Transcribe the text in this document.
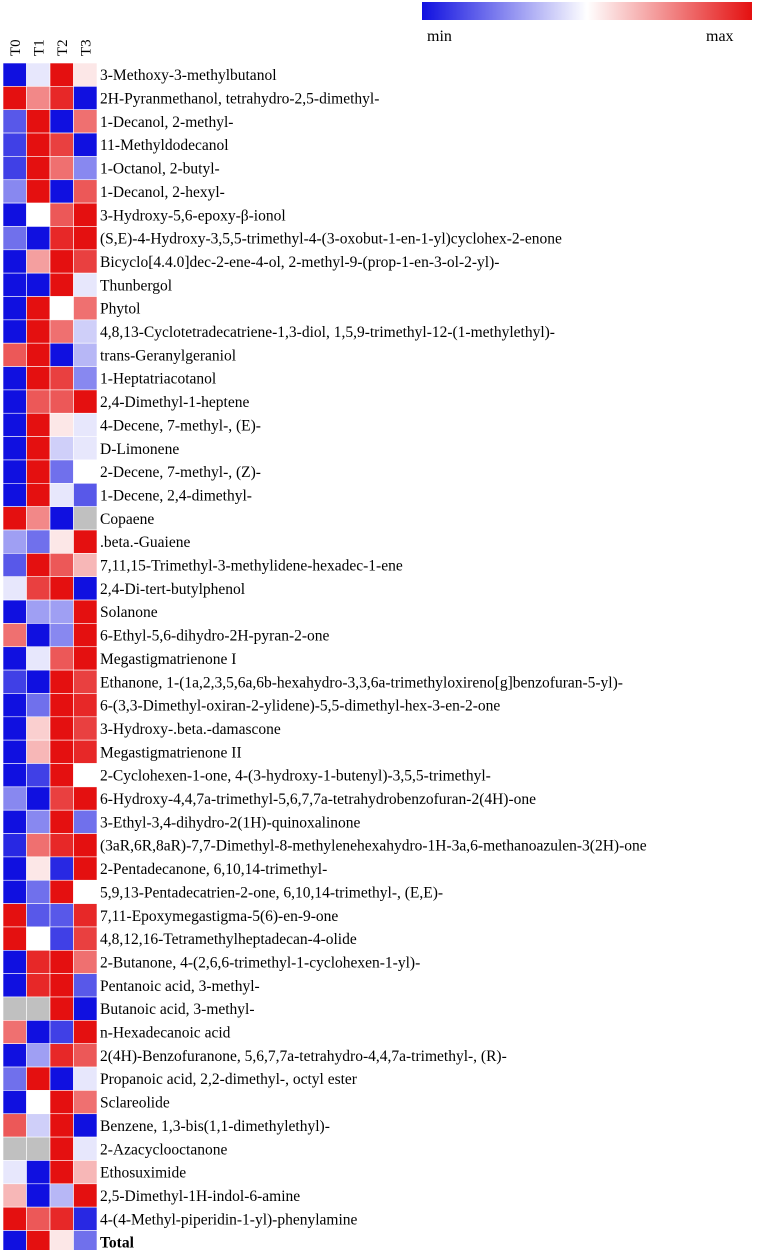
min	max
T0 T1 T2 T3
3-Methoxy-3-methylbutanol
2H-Pyranmethanol, tetrahydro-2,5-dimethyl-
1-Decanol, 2-methyl-
11-Methyldodecanol
1-Octanol, 2-butyl-
1-Decanol, 2-hexyl-
3-Hydroxy-5,6-epoxy-β-ionol
(S,E)-4-Hydroxy-3,5,5-trimethyl-4-(3-oxobut-1-en-1-yl)cyclohex-2-enone
Bicyclo[4.4.0]dec-2-ene-4-ol, 2-methyl-9-(prop-1-en-3-ol-2-yl)-
Thunbergol
Phytol
4,8,13-Cyclotetradecatriene-1,3-diol, 1,5,9-trimethyl-12-(1-methylethyl)-
trans-Geranylgeraniol
1-Heptatriacotanol
2,4-Dimethyl-1-heptene
4-Decene, 7-methyl-, (E)-
D-Limonene
2-Decene, 7-methyl-, (Z)-
1-Decene, 2,4-dimethyl-
Copaene
.beta.-Guaiene
7,11,15-Trimethyl-3-methylidene-hexadec-1-ene
2,4-Di-tert-butylphenol
Solanone
6-Ethyl-5,6-dihydro-2H-pyran-2-one
Megastigmatrienone I
Ethanone, 1-(1a,2,3,5,6a,6b-hexahydro-3,3,6a-trimethyloxireno[g]benzofuran-5-yl)-
6-(3,3-Dimethyl-oxiran-2-ylidene)-5,5-dimethyl-hex-3-en-2-one
3-Hydroxy-.beta.-damascone
Megastigmatrienone II
2-Cyclohexen-1-one, 4-(3-hydroxy-1-butenyl)-3,5,5-trimethyl-
6-Hydroxy-4,4,7a-trimethyl-5,6,7,7a-tetrahydrobenzofuran-2(4H)-one
3-Ethyl-3,4-dihydro-2(1H)-quinoxalinone
(3aR,6R,8aR)-7,7-Dimethyl-8-methylenehexahydro-1H-3a,6-methanoazulen-3(2H)-one
2-Pentadecanone, 6,10,14-trimethyl-
5,9,13-Pentadecatrien-2-one, 6,10,14-trimethyl-, (E,E)-
7,11-Epoxymegastigma-5(6)-en-9-one
4,8,12,16-Tetramethylheptadecan-4-olide
2-Butanone, 4-(2,6,6-trimethyl-1-cyclohexen-1-yl)-
Pentanoic acid, 3-methyl-
Butanoic acid, 3-methyl-
n-Hexadecanoic acid
2(4H)-Benzofuranone, 5,6,7,7a-tetrahydro-4,4,7a-trimethyl-, (R)-
Propanoic acid, 2,2-dimethyl-, octyl ester
Sclareolide
Benzene, 1,3-bis(1,1-dimethylethyl)-
2-Azacyclooctanone
Ethosuximide
2,5-Dimethyl-1H-indol-6-amine
4-(4-Methyl-piperidin-1-yl)-phenylamine
Total
